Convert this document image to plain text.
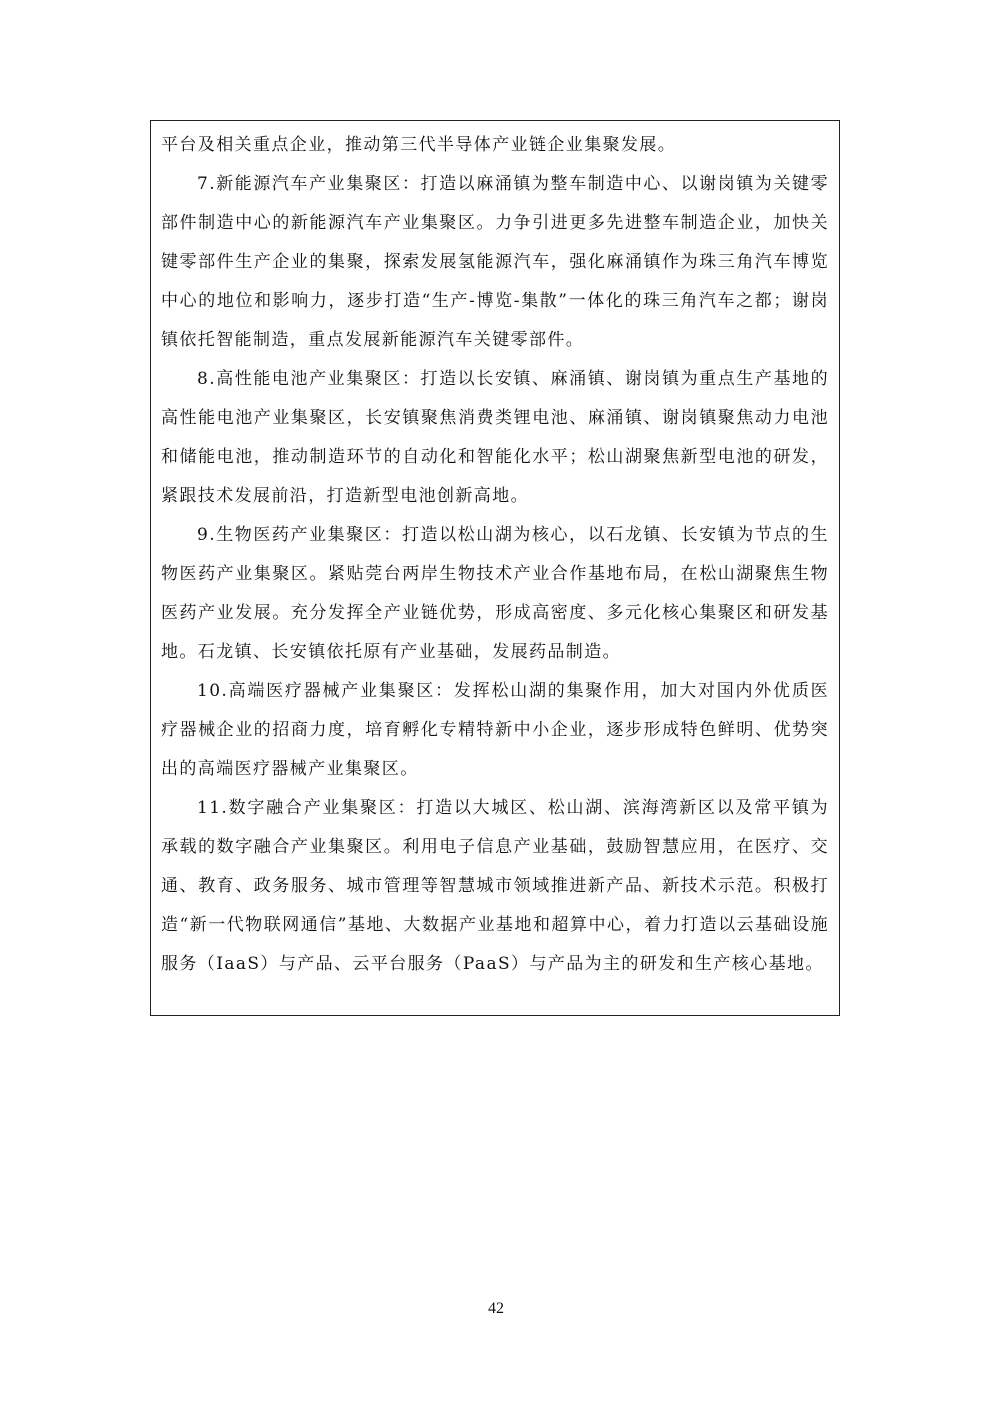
平台及相关重点企业，推动第三代半导体产业链企业集聚发展。

7.新能源汽车产业集聚区：打造以麻涌镇为整车制造中心、以谢岗镇为关键零部件制造中心的新能源汽车产业集聚区。力争引进更多先进整车制造企业，加快关键零部件生产企业的集聚，探索发展氢能源汽车，强化麻涌镇作为珠三角汽车博览中心的地位和影响力，逐步打造“生产-博览-集散”一体化的珠三角汽车之都；谢岗镇依托智能制造，重点发展新能源汽车关键零部件。

8.高性能电池产业集聚区：打造以长安镇、麻涌镇、谢岗镇为重点生产基地的高性能电池产业集聚区，长安镇聚焦消费类锂电池、麻涌镇、谢岗镇聚焦动力电池和储能电池，推动制造环节的自动化和智能化水平；松山湖聚焦新型电池的研发，紧跟技术发展前沿，打造新型电池创新高地。

9.生物医药产业集聚区：打造以松山湖为核心，以石龙镇、长安镇为节点的生物医药产业集聚区。紧贴莞台两岸生物技术产业合作基地布局，在松山湖聚焦生物医药产业发展。充分发挥全产业链优势，形成高密度、多元化核心集聚区和研发基地。石龙镇、长安镇依托原有产业基础，发展药品制造。

10.高端医疗器械产业集聚区：发挥松山湖的集聚作用，加大对国内外优质医疗器械企业的招商力度，培育孵化专精特新中小企业，逐步形成特色鲜明、优势突出的高端医疗器械产业集聚区。

11.数字融合产业集聚区：打造以大城区、松山湖、滨海湾新区以及常平镇为承载的数字融合产业集聚区。利用电子信息产业基础，鼓励智慧应用，在医疗、交通、教育、政务服务、城市管理等智慧城市领域推进新产品、新技术示范。积极打造“新一代物联网通信”基地、大数据产业基地和超算中心，着力打造以云基础设施服务（IaaS）与产品、云平台服务（PaaS）与产品为主的研发和生产核心基地。

42
